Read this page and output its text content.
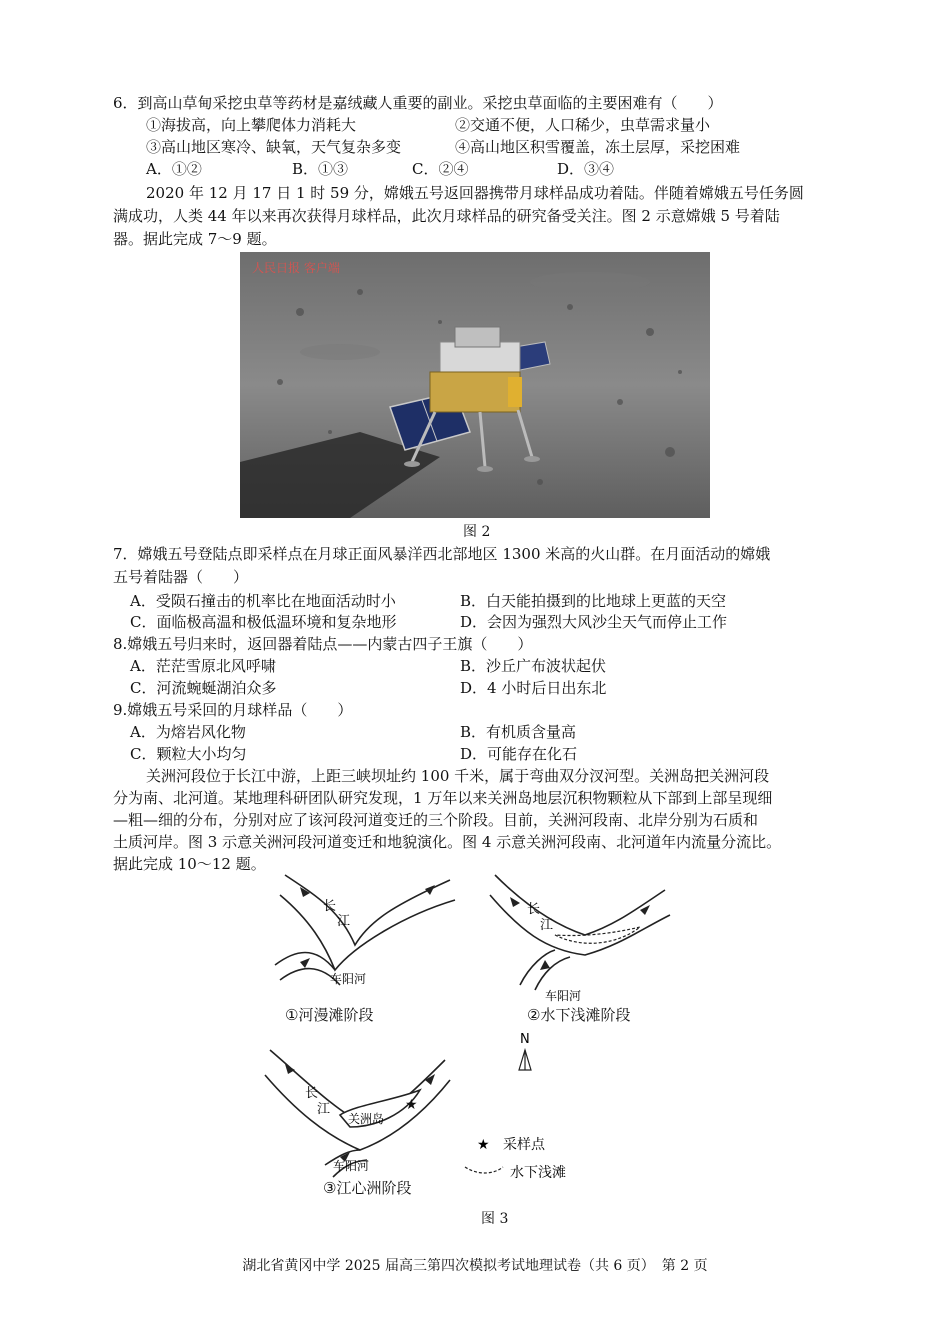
6．到高山草甸采挖虫草等药材是嘉绒藏人重要的副业。采挖虫草面临的主要困难有（　　）
①海拔高，向上攀爬体力消耗大	②交通不便，人口稀少，虫草需求量小
③高山地区寒冷、缺氧，天气复杂多变	④高山地区积雪覆盖，冻土层厚，采挖困难
A．①②	B．①③	C．②④	D．③④
2020 年 12 月 17 日 1 时 59 分，嫦娥五号返回器携带月球样品成功着陆。伴随着嫦娥五号任务圆
满成功，人类 44 年以来再次获得月球样品，此次月球样品的研究备受关注。图 2 示意嫦娥 5 号着陆
器。据此完成 7～9 题。
人民日报 客户端
图 2
7．嫦娥五号登陆点即采样点在月球正面风暴洋西北部地区 1300 米高的火山群。在月面活动的嫦娥
五号着陆器（　　）
A．受陨石撞击的机率比在地面活动时小	B．白天能拍摄到的比地球上更蓝的天空
C．面临极高温和极低温环境和复杂地形	D．会因为强烈大风沙尘天气而停止工作
8.嫦娥五号归来时，返回器着陆点——内蒙古四子王旗（　　）
A．茫茫雪原北风呼啸	B．沙丘广布波状起伏
C．河流蜿蜒湖泊众多	D．4 小时后日出东北
9.嫦娥五号采回的月球样品（　　）
A．为熔岩风化物	B．有机质含量高
C．颗粒大小均匀	D．可能存在化石
关洲河段位于长江中游，上距三峡坝址约 100 千米，属于弯曲双分汊河型。关洲岛把关洲河段
分为南、北河道。某地理科研团队研究发现，1 万年以来关洲岛地层沉积物颗粒从下部到上部呈现细
—粗—细的分布，分别对应了该河段河道变迁的三个阶段。目前，关洲河段南、北岸分别为石质和
土质河岸。图 3 示意关洲河段河道变迁和地貌演化。图 4 示意关洲河段南、北河道年内流量分流比。
据此完成 10～12 题。
★
长
江
车阳河
①河漫滩阶段
长
江
车阳河
②水下浅滩阶段
N
长
江
关洲岛
车阳河
③江心洲阶段
★ 采样点
水下浅滩
图 3
湖北省黄冈中学 2025 届高三第四次模拟考试地理试卷（共 6 页）　第 2 页
